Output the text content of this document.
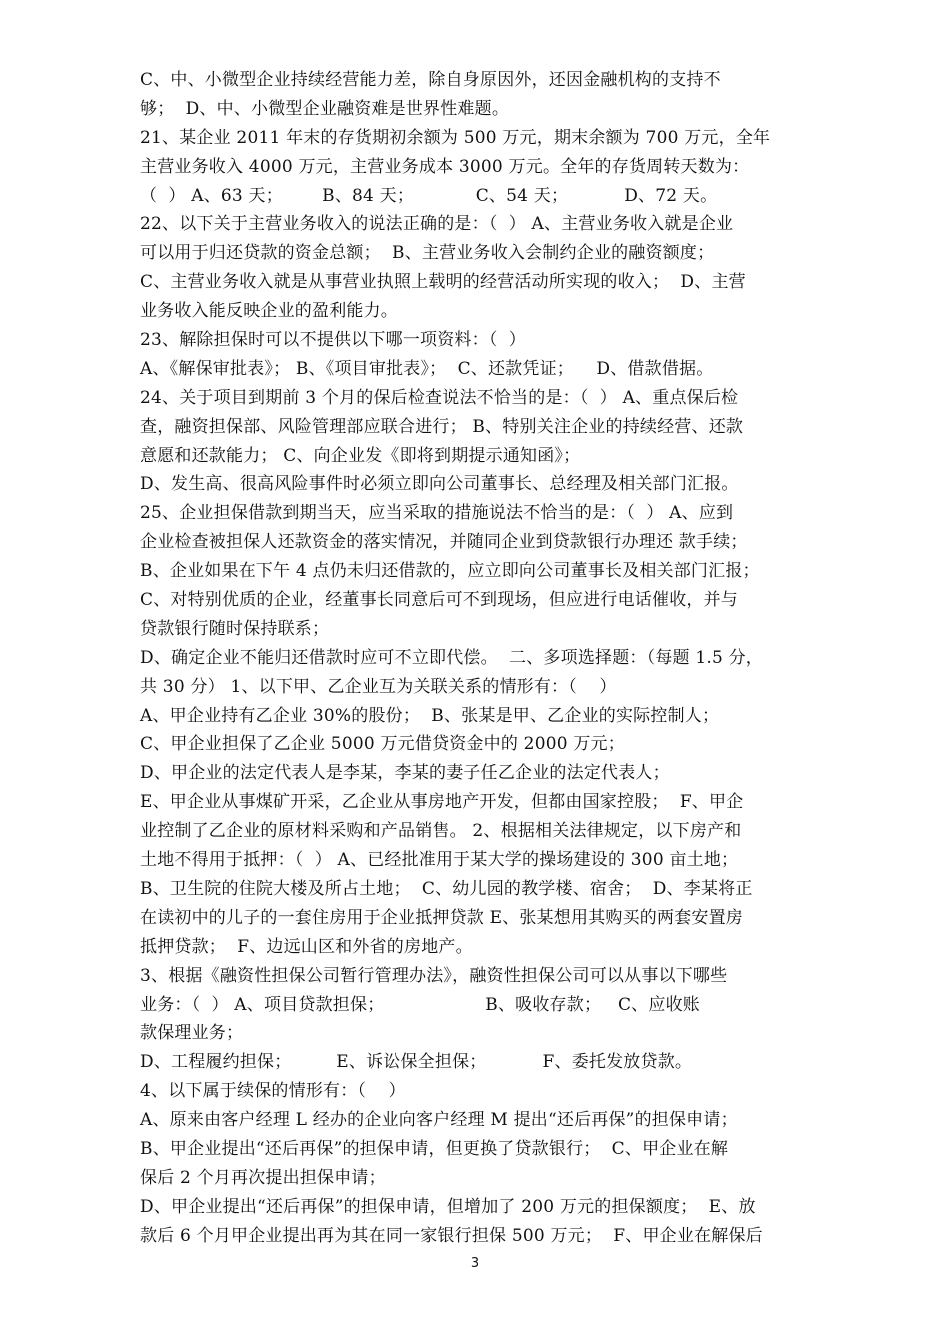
C、中、小微型企业持续经营能力差，除自身原因外，还因金融机构的支持不
够；  D、中、小微型企业融资难是世界性难题。
21、某企业 2011 年末的存货期初余额为 500 万元，期末余额为 700 万元，全年
主营业务收入 4000 万元，主营业务成本 3000 万元。全年的存货周转天数为：
（  ） A、63 天；       B、84 天；           C、54 天；          D、72 天。
22、以下关于主营业务收入的说法正确的是：（  ） A、主营业务收入就是企业
可以用于归还贷款的资金总额；  B、主营业务收入会制约企业的融资额度；
C、主营业务收入就是从事营业执照上载明的经营活动所实现的收入；  D、主营
业务收入能反映企业的盈利能力。
23、解除担保时可以不提供以下哪一项资料：（  ）
A、《解保审批表》； B、《项目审批表》；  C、还款凭证；    D、借款借据。
24、关于项目到期前 3 个月的保后检查说法不恰当的是：（  ） A、重点保后检
查，融资担保部、风险管理部应联合进行； B、特别关注企业的持续经营、还款
意愿和还款能力； C、向企业发《即将到期提示通知函》；
D、发生高、很高风险事件时必须立即向公司董事长、总经理及相关部门汇报。
25、企业担保借款到期当天，应当采取的措施说法不恰当的是：（  ） A、应到
企业检查被担保人还款资金的落实情况，并随同企业到贷款银行办理还 款手续；
B、企业如果在下午 4 点仍未归还借款的，应立即向公司董事长及相关部门汇报；
C、对特别优质的企业，经董事长同意后可不到现场，但应进行电话催收，并与
贷款银行随时保持联系；
D、确定企业不能归还借款时应可不立即代偿。  二、多项选择题：（每题 1.5 分，
共 30 分） 1、以下甲、乙企业互为关联关系的情形有：（    ）
A、甲企业持有乙企业 30%的股份；  B、张某是甲、乙企业的实际控制人；
C、甲企业担保了乙企业 5000 万元借贷资金中的 2000 万元；
D、甲企业的法定代表人是李某，李某的妻子任乙企业的法定代表人；
E、甲企业从事煤矿开采，乙企业从事房地产开发，但都由国家控股；  F、甲企
业控制了乙企业的原材料采购和产品销售。 2、根据相关法律规定，以下房产和
土地不得用于抵押：（  ） A、已经批准用于某大学的操场建设的 300 亩土地；
B、卫生院的住院大楼及所占土地；  C、幼儿园的教学楼、宿舍；  D、李某将正
在读初中的儿子的一套住房用于企业抵押贷款 E、张某想用其购买的两套安置房
抵押贷款；  F、边远山区和外省的房地产。
3、根据《融资性担保公司暂行管理办法》，融资性担保公司可以从事以下哪些
业务：（  ） A、项目贷款担保；                  B、吸收存款；   C、应收账
款保理业务；
D、工程履约担保；        E、诉讼保全担保；          F、委托发放贷款。
4、以下属于续保的情形有：（    ）
A、原来由客户经理 L 经办的企业向客户经理 M 提出“还后再保”的担保申请；
B、甲企业提出“还后再保”的担保申请，但更换了贷款银行；  C、甲企业在解
保后 2 个月再次提出担保申请；
D、甲企业提出“还后再保”的担保申请，但增加了 200 万元的担保额度；  E、放
款后 6 个月甲企业提出再为其在同一家银行担保 500 万元；  F、甲企业在解保后
3
